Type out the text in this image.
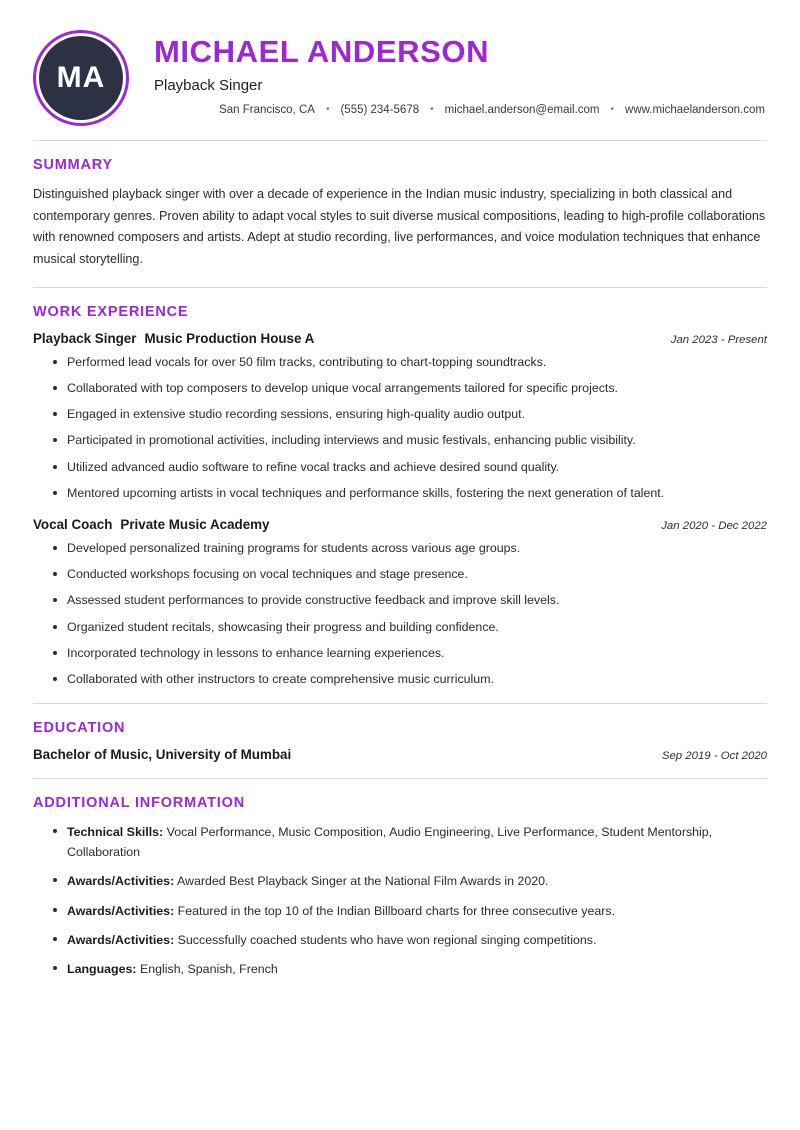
MA
MICHAEL ANDERSON
Playback Singer
San Francisco, CA	• (555) 234-5678	• michael.anderson@email.com	• www.michaelanderson.com
SUMMARY

Distinguished playback singer with over a decade of experience in the Indian music industry, specializing in both classical and contemporary genres. Proven ability to adapt vocal styles to suit diverse musical compositions, leading to high-profile collaborations with renowned composers and artists. Adept at studio recording, live performances, and voice modulation techniques that enhance musical storytelling.

WORK EXPERIENCE
Playback Singer Music Production House A	Jan 2023 - Present
Performed lead vocals for over 50 film tracks, contributing to chart-topping soundtracks.
Collaborated with top composers to develop unique vocal arrangements tailored for specific projects.
Engaged in extensive studio recording sessions, ensuring high-quality audio output.
Participated in promotional activities, including interviews and music festivals, enhancing public visibility.
Utilized advanced audio software to refine vocal tracks and achieve desired sound quality.
Mentored upcoming artists in vocal techniques and performance skills, fostering the next generation of talent.
Vocal Coach Private Music Academy	Jan 2020 - Dec 2022
Developed personalized training programs for students across various age groups.
Conducted workshops focusing on vocal techniques and stage presence.
Assessed student performances to provide constructive feedback and improve skill levels.
Organized student recitals, showcasing their progress and building confidence.
Incorporated technology in lessons to enhance learning experiences.
Collaborated with other instructors to create comprehensive music curriculum.
EDUCATION
Bachelor of Music, University of Mumbai	Sep 2019 - Oct 2020
ADDITIONAL INFORMATION
Technical Skills: Vocal Performance, Music Composition, Audio Engineering, Live Performance, Student Mentorship, Collaboration
Awards/Activities: Awarded Best Playback Singer at the National Film Awards in 2020.
Awards/Activities: Featured in the top 10 of the Indian Billboard charts for three consecutive years.
Awards/Activities: Successfully coached students who have won regional singing competitions.
Languages: English, Spanish, French
